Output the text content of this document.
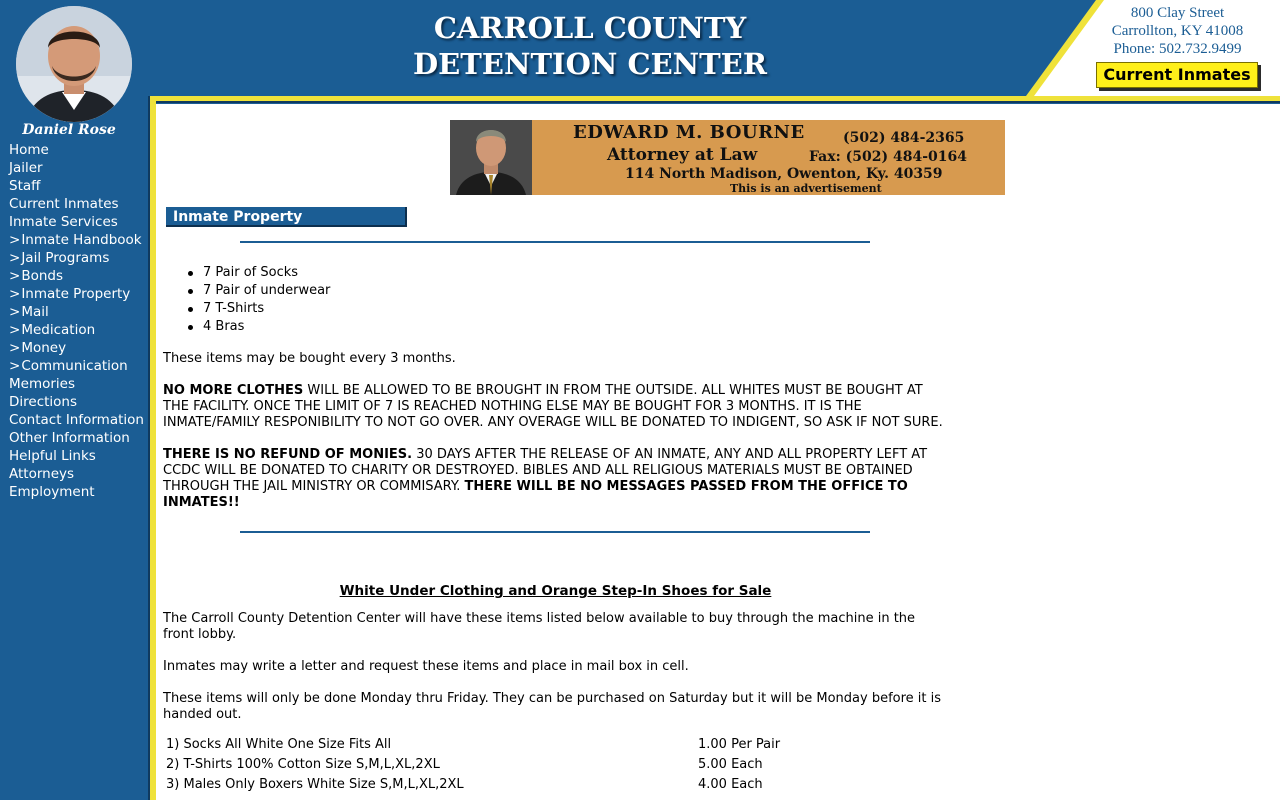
CARROLL COUNTY
DETENTION CENTER
800 Clay Street
Carrollton, KY 41008
Phone: 502.732.9499
Current Inmates
Daniel Rose
Home
Jailer
Staff
Current Inmates
Inmate Services
>Inmate Handbook
>Jail Programs
>Bonds
>Inmate Property
>Mail
>Medication
>Money
>Communication
Memories
Directions
Contact Information
Other Information
Helpful Links
Attorneys
Employment
EDWARD M. BOURNE
Attorney at Law
(502) 484-2365
Fax: (502) 484-0164
114 North Madison, Owenton, Ky. 40359
This is an advertisement
Inmate Property
7 Pair of Socks
7 Pair of underwear
7 T-Shirts
4 Bras
These items may be bought every 3 months.
NO MORE CLOTHES WILL BE ALLOWED TO BE BROUGHT IN FROM THE OUTSIDE. ALL WHITES MUST BE BOUGHT AT THE FACILITY. ONCE THE LIMIT OF 7 IS REACHED NOTHING ELSE MAY BE BOUGHT FOR 3 MONTHS. IT IS THE INMATE/FAMILY RESPONIBILITY TO NOT GO OVER. ANY OVERAGE WILL BE DONATED TO INDIGENT, SO ASK IF NOT SURE.
THERE IS NO REFUND OF MONIES. 30 DAYS AFTER THE RELEASE OF AN INMATE, ANY AND ALL PROPERTY LEFT AT CCDC WILL BE DONATED TO CHARITY OR DESTROYED. BIBLES AND ALL RELIGIOUS MATERIALS MUST BE OBTAINED THROUGH THE JAIL MINISTRY OR COMMISARY. THERE WILL BE NO MESSAGES PASSED FROM THE OFFICE TO INMATES!!
White Under Clothing and Orange Step-In Shoes for Sale
The Carroll County Detention Center will have these items listed below available to buy through the machine in the front lobby.
Inmates may write a letter and request these items and place in mail box in cell.
These items will only be done Monday thru Friday. They can be purchased on Saturday but it will be Monday before it is handed out.
1) Socks All White One Size Fits All	1.00 Per Pair
2) T-Shirts 100% Cotton Size S,M,L,XL,2XL	5.00 Each
3) Males Only Boxers White Size S,M,L,XL,2XL	4.00 Each
